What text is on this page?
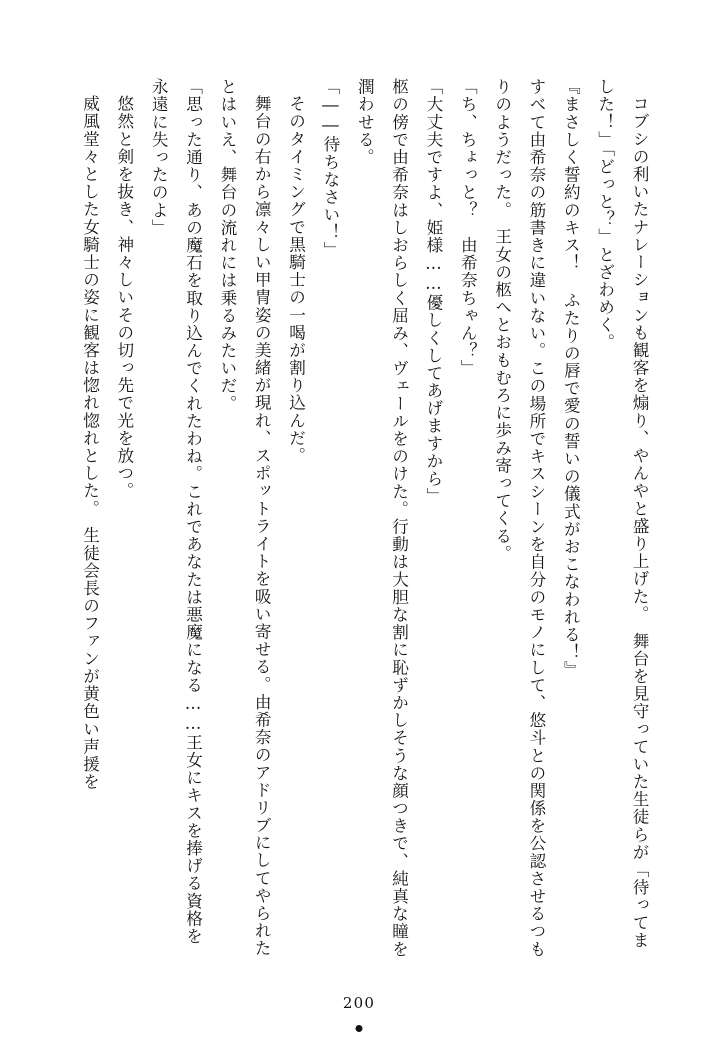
コブシの利いたナレーションも観客を煽り、やんやと盛り上げた。　舞台を見守っていた生徒らが「待ってました！」「どっと？」とざわめく。

『まさしく誓約のキス！ ふたりの唇で愛の誓いの儀式がおこなわれる！』

すべて由希奈の筋書きに違いない。この場所でキスシーンを自分のモノにして、悠斗との関係を公認させるつもりのようだった。　王女の柩へとおもむろに歩み寄ってくる。

「ち、ちょっと？　由希奈ちゃん？」

「大丈夫ですよ、姫様……優しくしてあげますから」

柩の傍で由希奈はしおらしく屈み、ヴェールをのけた。行動は大胆な割に恥ずかしそうな顔つきで、純真な瞳を潤わせる。

「――待ちなさい！」

そのタイミングで黒騎士の一喝が割り込んだ。

舞台の右から凛々しい甲冑姿の美緒が現れ、スポットライトを吸い寄せる。由希奈のアドリブにしてやられたとはいえ、舞台の流れには乗るみたいだ。

「思った通り、あの魔石を取り込んでくれたわね。これであなたは悪魔になる……王女にキスを捧げる資格を永遠に失ったのよ」

悠然と剣を抜き、神々しいその切っ先で光を放つ。

威風堂々とした女騎士の姿に観客は惚れ惚れとした。　生徒会長のファンが黄色い声援を

200
